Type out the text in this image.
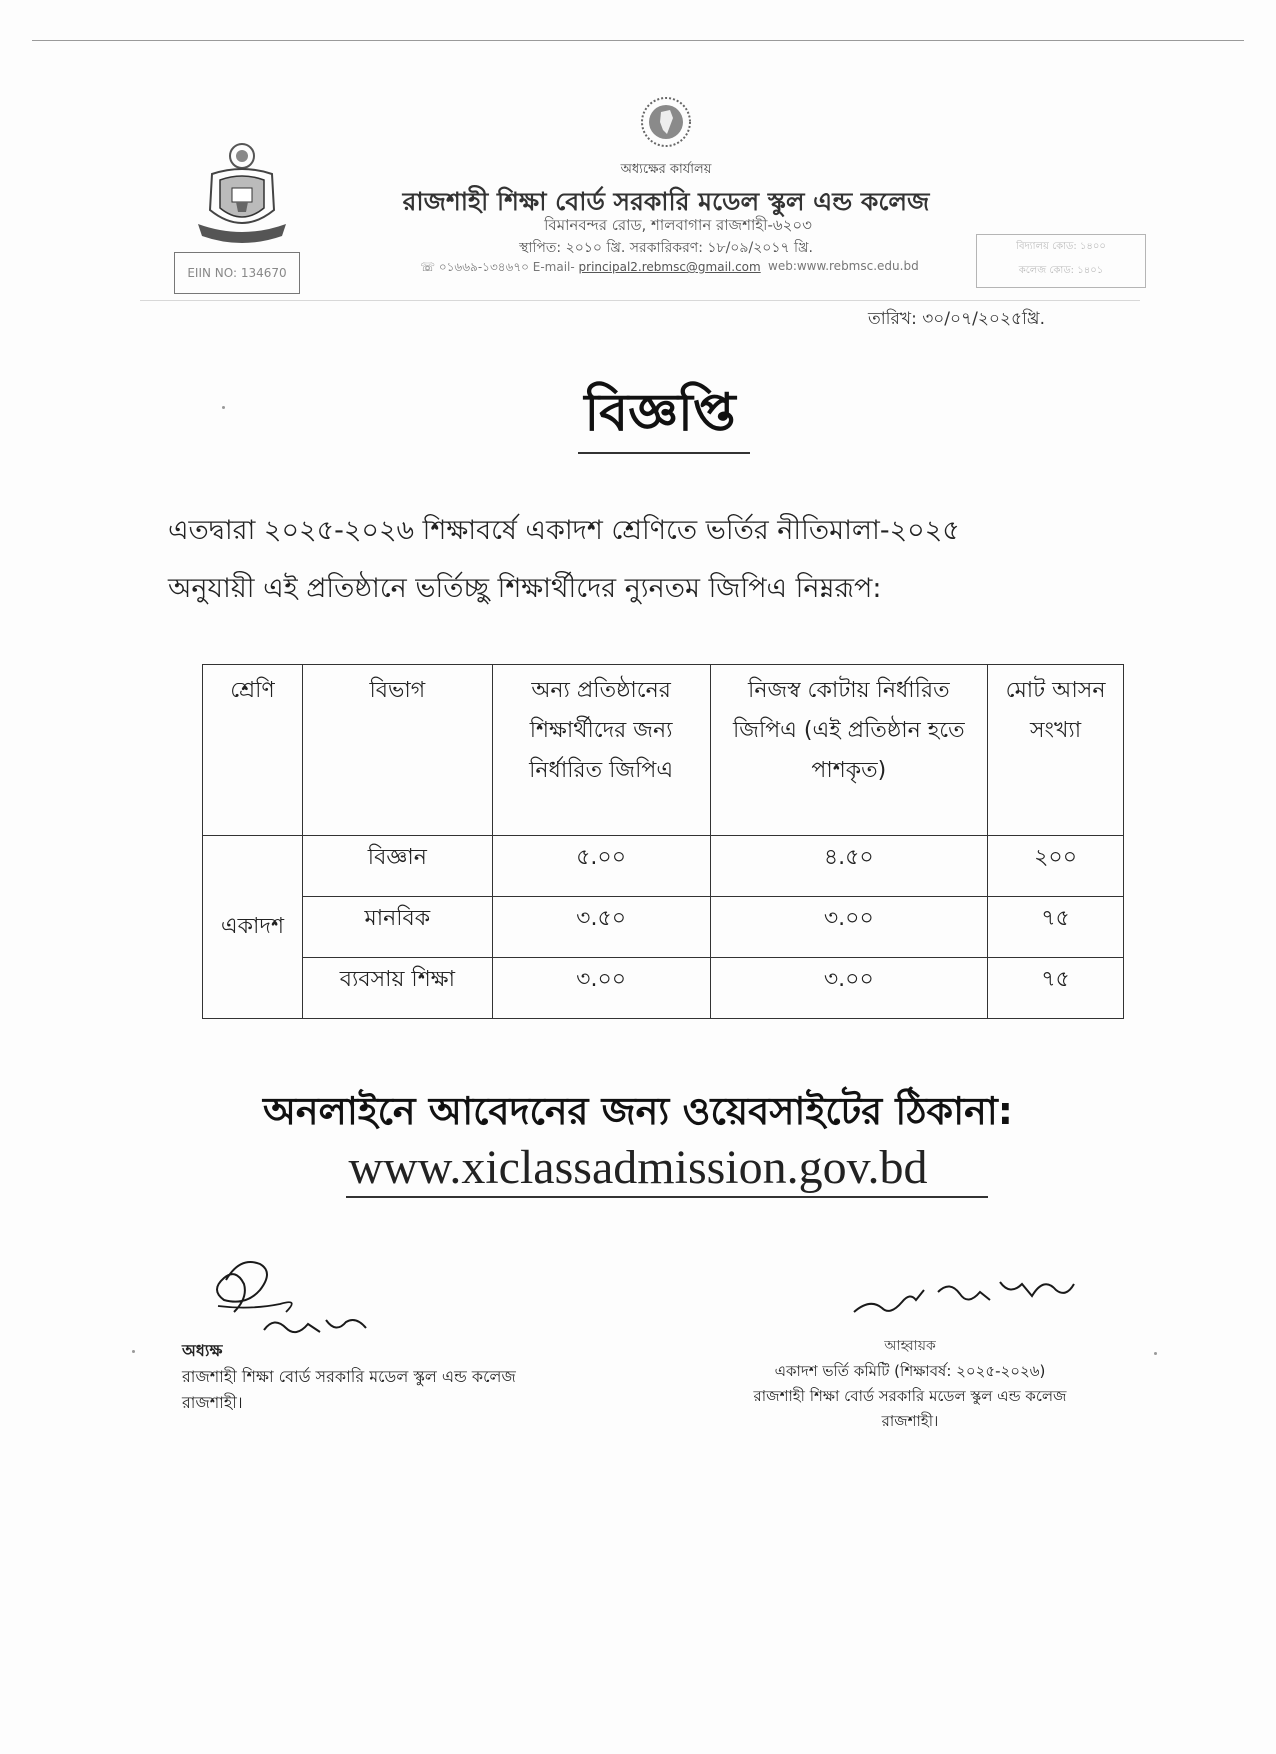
EIIN NO: 134670
বিদ্যালয় কোড: ১৪০০
কলেজ কোড: ১৪০১
অধ্যক্ষের কার্যালয়
রাজশাহী শিক্ষা বোর্ড সরকারি মডেল স্কুল এন্ড কলেজ
বিমানবন্দর রোড, শালবাগান রাজশাহী-৬২০৩
স্থাপিত: ২০১০ খ্রি. সরকারিকরণ: ১৮/০৯/২০১৭ খ্রি.
☏ ০১৬৬৯-১৩৪৬৭০ E-mail- principal2.rebmsc@gmail.com web:www.rebmsc.edu.bd
তারিখ: ৩০/০৭/২০২৫খ্রি.
বিজ্ঞপ্তি
এতদ্বারা ২০২৫-২০২৬ শিক্ষাবর্ষে একাদশ শ্রেণিতে ভর্তির নীতিমালা-২০২৫
অনুযায়ী এই প্রতিষ্ঠানে ভর্তিচ্ছু শিক্ষার্থীদের ন্যুনতম জিপিএ নিম্নরূপ:
শ্রেণি	বিভাগ	অন্য প্রতিষ্ঠানের শিক্ষার্থীদের জন্য নির্ধারিত জিপিএ	নিজস্ব কোটায় নির্ধারিত জিপিএ (এই প্রতিষ্ঠান হতে পাশকৃত)	মোট আসন সংখ্যা
একাদশ	বিজ্ঞান	৫.০০	৪.৫০	২০০
	মানবিক	৩.৫০	৩.০০	৭৫
	ব্যবসায় শিক্ষা	৩.০০	৩.০০	৭৫
অনলাইনে আবেদনের জন্য ওয়েবসাইটের ঠিকানা:
www.xiclassadmission.gov.bd
অধ্যক্ষ
রাজশাহী শিক্ষা বোর্ড সরকারি মডেল স্কুল এন্ড কলেজ
রাজশাহী।
আহ্বায়ক
একাদশ ভর্তি কমিটি (শিক্ষাবর্ষ: ২০২৫-২০২৬)
রাজশাহী শিক্ষা বোর্ড সরকারি মডেল স্কুল এন্ড কলেজ
রাজশাহী।
